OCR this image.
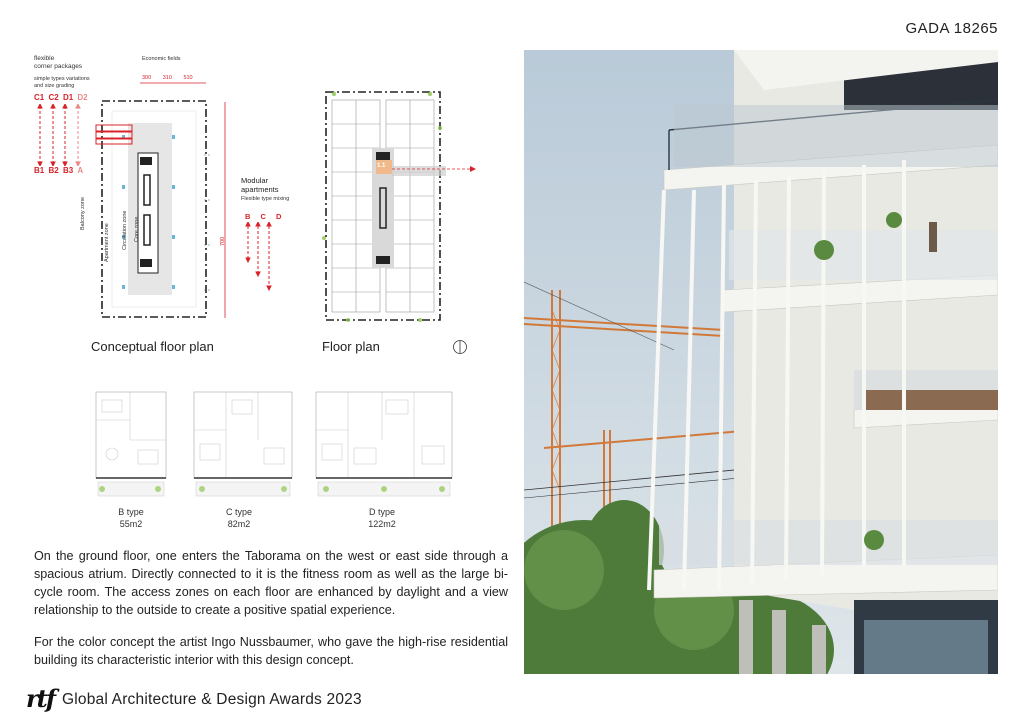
GADA 18265
flexible
corner packages
simple types variations
and size grading
C1 C2 D1 D2
B1 B2 B3 A
Economic fields
300 310 510
Balcony zone
Apartment zone Circulation zone Core zone	700
Modular
apartments
Flexible type mixing
B C D
Conceptual floor plan
1.1
Floor plan
B type
55m2
C type
82m2
D type
122m2
On the ground floor, one enters the Taborama on the west or east side through a spacious atrium. Directly connected to it is the fitness room as well as the large bi-cycle room. The access zones on each floor are enhanced by daylight and a view relationship to the outside to create a positive spatial experience.
For the color concept the artist Ingo Nussbaumer, who gave the high-rise residential building its characteristic interior with this design concept.
rtf Global Architecture & Design Awards 2023
